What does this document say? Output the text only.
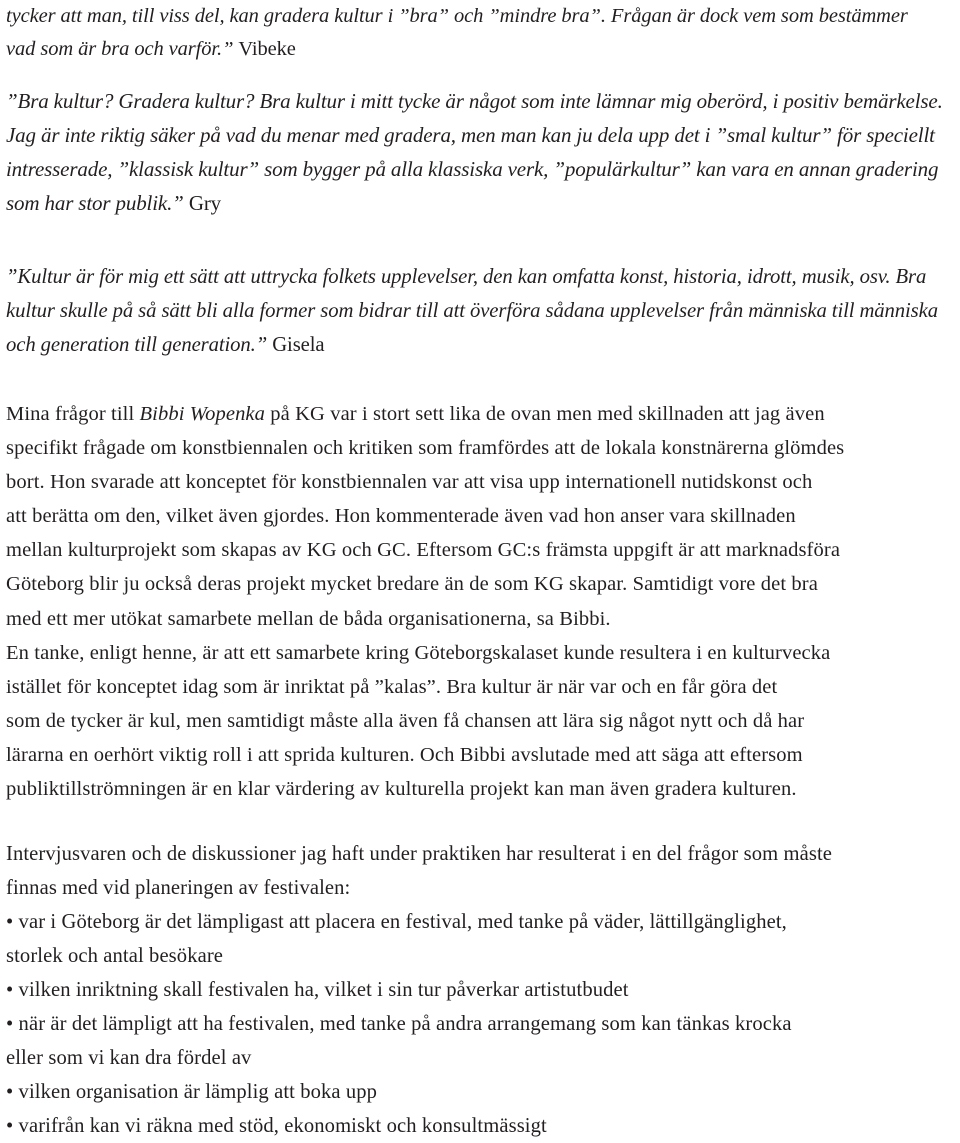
tycker att man, till viss del, kan gradera kultur i ”bra” och ”mindre bra”. Frågan är dock vem som bestämmer
vad som är bra och varför.” Vibeke
”Bra kultur? Gradera kultur? Bra kultur i mitt tycke är något som inte lämnar mig oberörd, i positiv bemärkelse.
Jag är inte riktig säker på vad du menar med gradera, men man kan ju dela upp det i ”smal kultur” för speciellt
intresserade, ”klassisk kultur” som bygger på alla klassiska verk, ”populärkultur” kan vara en annan gradering
som har stor publik.” Gry
”Kultur är för mig ett sätt att uttrycka folkets upplevelser, den kan omfatta konst, historia, idrott, musik, osv. Bra
kultur skulle på så sätt bli alla former som bidrar till att överföra sådana upplevelser från människa till människa
och generation till generation.” Gisela
Mina frågor till Bibbi Wopenka på KG var i stort sett lika de ovan men med skillnaden att jag även
specifikt frågade om konstbiennalen och kritiken som framfördes att de lokala konstnärerna glömdes
bort. Hon svarade att konceptet för konstbiennalen var att visa upp internationell nutidskonst och
att berätta om den, vilket även gjordes. Hon kommenterade även vad hon anser vara skillnaden
mellan kulturprojekt som skapas av KG och GC. Eftersom GC:s främsta uppgift är att marknadsföra
Göteborg blir ju också deras projekt mycket bredare än de som KG skapar. Samtidigt vore det bra
med ett mer utökat samarbete mellan de båda organisationerna, sa Bibbi.
En tanke, enligt henne, är att ett samarbete kring Göteborgskalaset kunde resultera i en kulturvecka
istället för konceptet idag som är inriktat på ”kalas”. Bra kultur är när var och en får göra det
som de tycker är kul, men samtidigt måste alla även få chansen att lära sig något nytt och då har
lärarna en oerhört viktig roll i att sprida kulturen. Och Bibbi avslutade med att säga att eftersom
publiktillströmningen är en klar värdering av kulturella projekt kan man även gradera kulturen.
Intervjusvaren och de diskussioner jag haft under praktiken har resulterat i en del frågor som måste
finnas med vid planeringen av festivalen:
• var i Göteborg är det lämpligast att placera en festival, med tanke på väder, lättillgänglighet,
storlek och antal besökare
• vilken inriktning skall festivalen ha, vilket i sin tur påverkar artistutbudet
• när är det lämpligt att ha festivalen, med tanke på andra arrangemang som kan tänkas krocka
eller som vi kan dra fördel av
• vilken organisation är lämplig att boka upp
• varifrån kan vi räkna med stöd, ekonomiskt och konsultmässigt
